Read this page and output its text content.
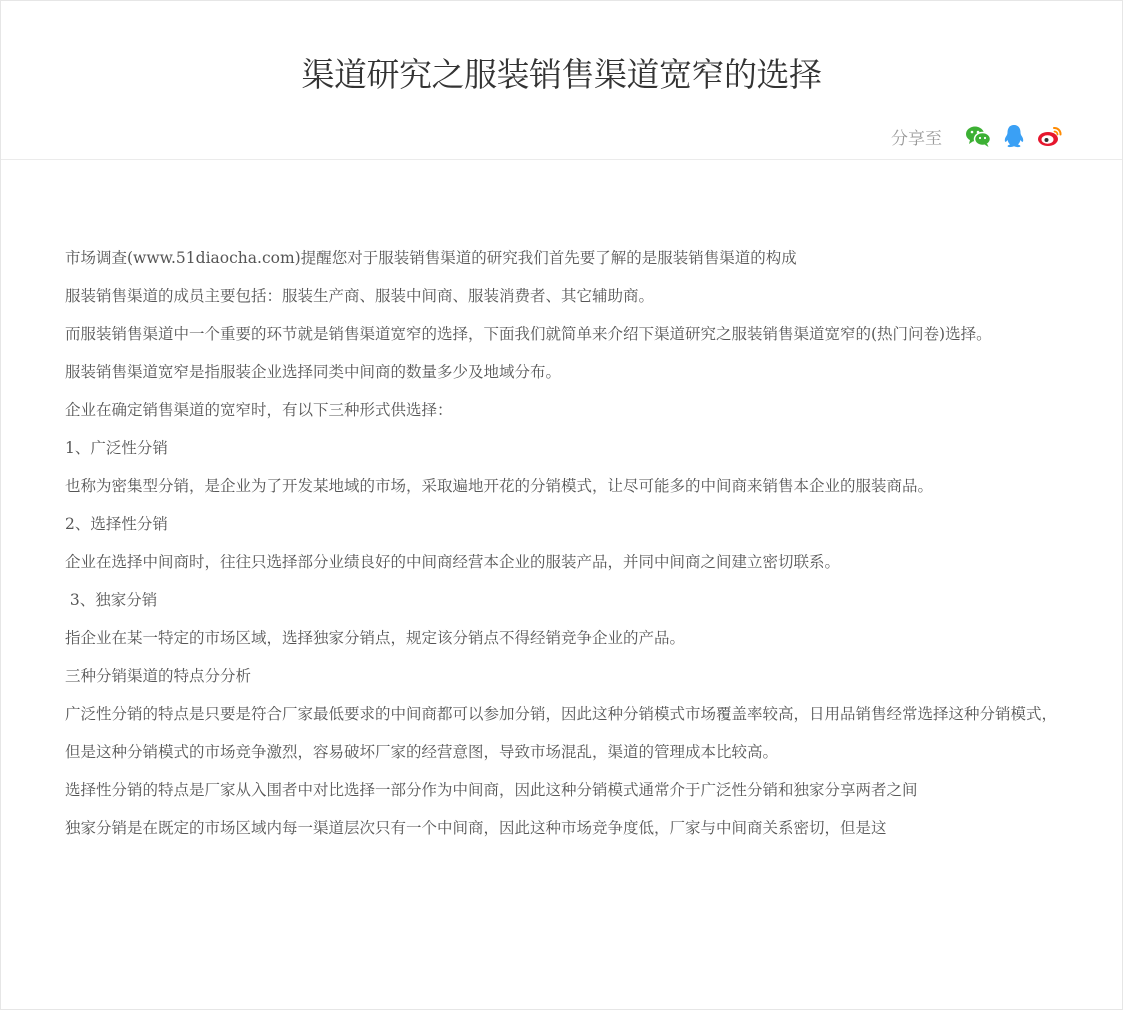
渠道研究之服装销售渠道宽窄的选择
分享至

市场调查(www.51diaocha.com)提醒您对于服装销售渠道的研究我们首先要了解的是服装销售渠道的构成

服装销售渠道的成员主要包括：服装生产商、服装中间商、服装消费者、其它辅助商。

而服装销售渠道中一个重要的环节就是销售渠道宽窄的选择，下面我们就简单来介绍下渠道研究之服装销售渠道宽窄的(热门问卷)选择。

服装销售渠道宽窄是指服装企业选择同类中间商的数量多少及地域分布。

企业在确定销售渠道的宽窄时，有以下三种形式供选择：

1、广泛性分销

也称为密集型分销，是企业为了开发某地域的市场，采取遍地开花的分销模式，让尽可能多的中间商来销售本企业的服装商品。

2、选择性分销

企业在选择中间商时，往往只选择部分业绩良好的中间商经营本企业的服装产品，并同中间商之间建立密切联系。

3、独家分销

指企业在某一特定的市场区域，选择独家分销点，规定该分销点不得经销竞争企业的产品。

三种分销渠道的特点分分析

广泛性分销的特点是只要是符合厂家最低要求的中间商都可以参加分销，因此这种分销模式市场覆盖率较高，日用品销售经常选择这种分销模式，但是这种分销模式的市场竞争激烈，容易破坏厂家的经营意图，导致市场混乱，渠道的管理成本比较高。

选择性分销的特点是厂家从入围者中对比选择一部分作为中间商，因此这种分销模式通常介于广泛性分销和独家分享两者之间

独家分销是在既定的市场区域内每一渠道层次只有一个中间商，因此这种市场竞争度低，厂家与中间商关系密切，但是这
